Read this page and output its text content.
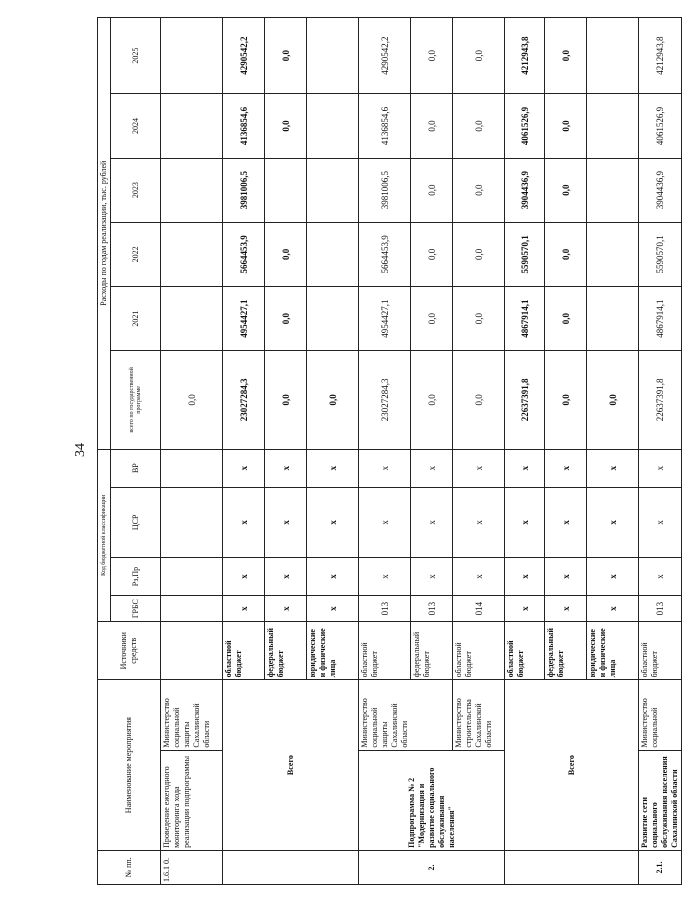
34
№ пп.	Наименование мероприятия		Источники средств	Код бюджетной классификации				Расходы по годам реализации, тыс. рублей					
				ГРБС	Рз,Пр	ЦСР	ВР	всего по государственной программе	2021	2022	2023	2024	2025
1.6.1 0.	Проведение ежегодного мониторинга хода реализации подпрограммы	Министерство социальной защиты Сахалинской области						0,0					
	Всего		областной бюджет	x	x	x	x	23027284,3	4954427,1	5664453,9	3981006,5	4136854,6	4290542,2
			федеральный бюджет	x	x	x	x	0,0	0,0	0,0		0,0	0,0
			юридические и физические лица	x	x	x	x	0,0					
2.	Подпрограмма № 2 "Модернизация и развитие социального обслуживания населения"	Министерство социальной защиты Сахалинской области	областной бюджет	013	x	x	x	23027284,3	4954427,1	5664453,9	3981006,5	4136854,6	4290542,2
			федеральный бюджет	013	x	x	x	0,0	0,0	0,0	0,0	0,0	0,0
		Министерство строительства Сахалинской области	областной бюджет	014	x	x	x	0,0	0,0	0,0	0,0	0,0	0,0
	Всего		областной бюджет	x	x	x	x	22637391,8	4867914,1	5590570,1	3904436,9	4061526,9	4212943,8
			федеральный бюджет	x	x	x	x	0,0	0,0	0,0	0,0	0,0	0,0
			юридические и физические лица	x	x	x	x	0,0					
2.1.	Развитие сети социального обслуживания населения Сахалинской области	Министерство социальной	областной бюджет	013	x	x	x	22637391,8	4867914,1	5590570,1	3904436,9	4061526,9	4212943,8
